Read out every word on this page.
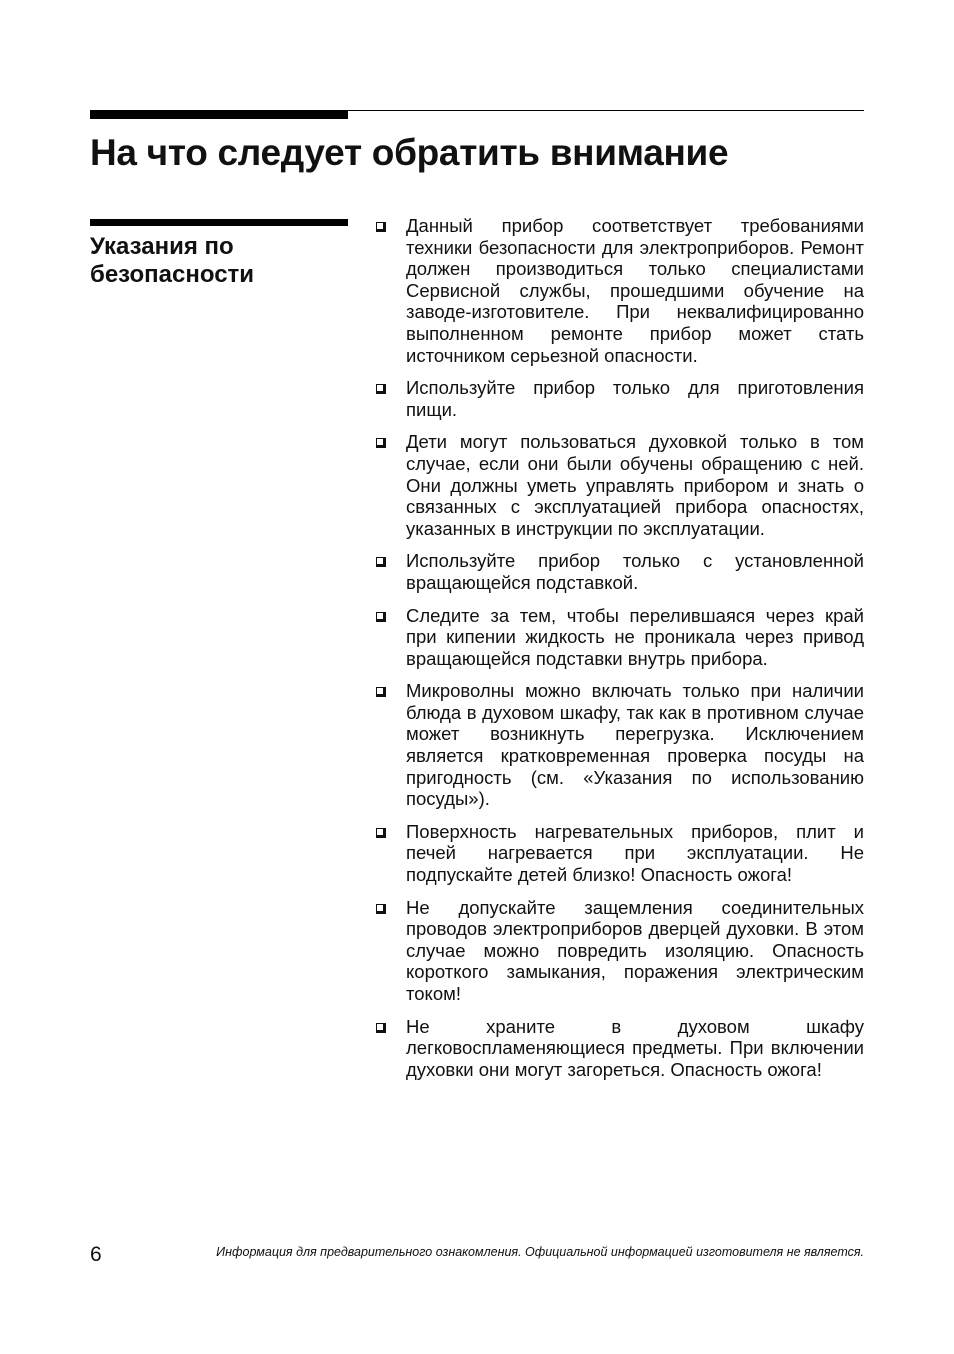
На что следует обратить внимание
Указания по безопасности
Данный прибор соответствует требованиями техники безопасности для электроприборов. Ремонт должен производиться только специалистами Сервисной службы, прошедшими обучение на заводе-изготовителе. При неквалифицированно выполненном ремонте прибор может стать источником серьезной опасности.
Используйте прибор только для приготовления пищи.
Дети могут пользоваться духовкой только в том случае, если они были обучены обращению с ней. Они должны уметь управлять прибором и знать о связанных с эксплуатацией прибора опасностях, указанных в инструкции по эксплуатации.
Используйте прибор только с установленной вращающейся подставкой.
Следите за тем, чтобы перелившаяся через край при кипении жидкость не проникала через привод вращающейся подставки внутрь прибора.
Микроволны можно включать только при наличии блюда в духовом шкафу, так как в противном случае может возникнуть перегрузка. Исключением является кратковременная проверка посуды на пригодность (см. «Указания по использованию посуды»).
Поверхность нагревательных приборов, плит и печей нагревается при эксплуатации. Не подпускайте детей близко! Опасность ожога!
Не допускайте защемления соединительных проводов электроприборов дверцей духовки. В этом случае можно повредить изоляцию. Опасность короткого замыкания, поражения электрическим током!
Не храните в духовом шкафу легковоспламеняющиеся предметы. При включении духовки они могут загореться. Опасность ожога!
6	Информация для предварительного ознакомления. Официальной информацией изготовителя не является.
